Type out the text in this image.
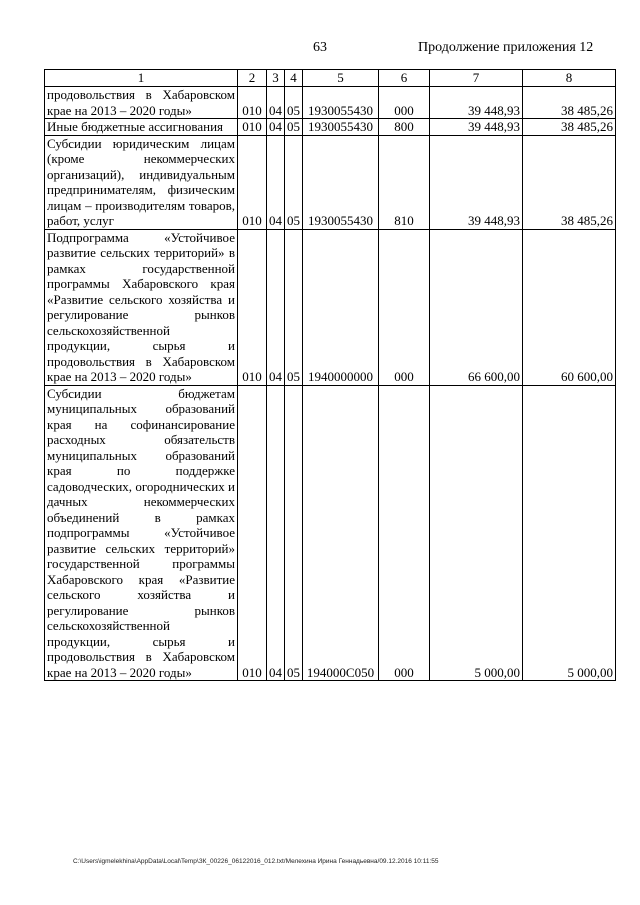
63	Продолжение приложения 12
1	2	3	4	5	6	7	8
продовольствия в Хабаровском крае на 2013 – 2020 годы»	010	04	05	1930055430	000	39 448,93	38 485,26
Иные бюджетные ассигнования	010	04	05	1930055430	800	39 448,93	38 485,26
Субсидии юридическим лицам (кроме некоммерческих организаций), индивидуальным предпринимателям, физическим лицам – производителям товаров, работ, услуг	010	04	05	1930055430	810	39 448,93	38 485,26
Подпрограмма «Устойчивое развитие сельских территорий» в рамках государственной программы Хабаровского края «Развитие сельского хозяйства и регулирование рынков сельскохозяйственной продукции, сырья и продовольствия в Хабаровском крае на 2013 – 2020 годы»	010	04	05	1940000000	000	66 600,00	60 600,00
Субсидии бюджетам муниципальных образований края на софинансирование расходных обязательств муниципальных образований края по поддержке садоводческих, огороднических и дачных некоммерческих объединений в рамках подпрограммы «Устойчивое развитие сельских территорий» государственной программы Хабаровского края «Развитие сельского хозяйства и регулирование рынков сельскохозяйственной продукции, сырья и продовольствия в Хабаровском крае на 2013 – 2020 годы»	010	04	05	194000С050	000	5 000,00	5 000,00
C:\Users\igmelekhina\AppData\Local\Temp\ЗК_00226_06122016_012.txt/Мелехина Ирина Геннадьевна/09.12.2016 10:11:55
